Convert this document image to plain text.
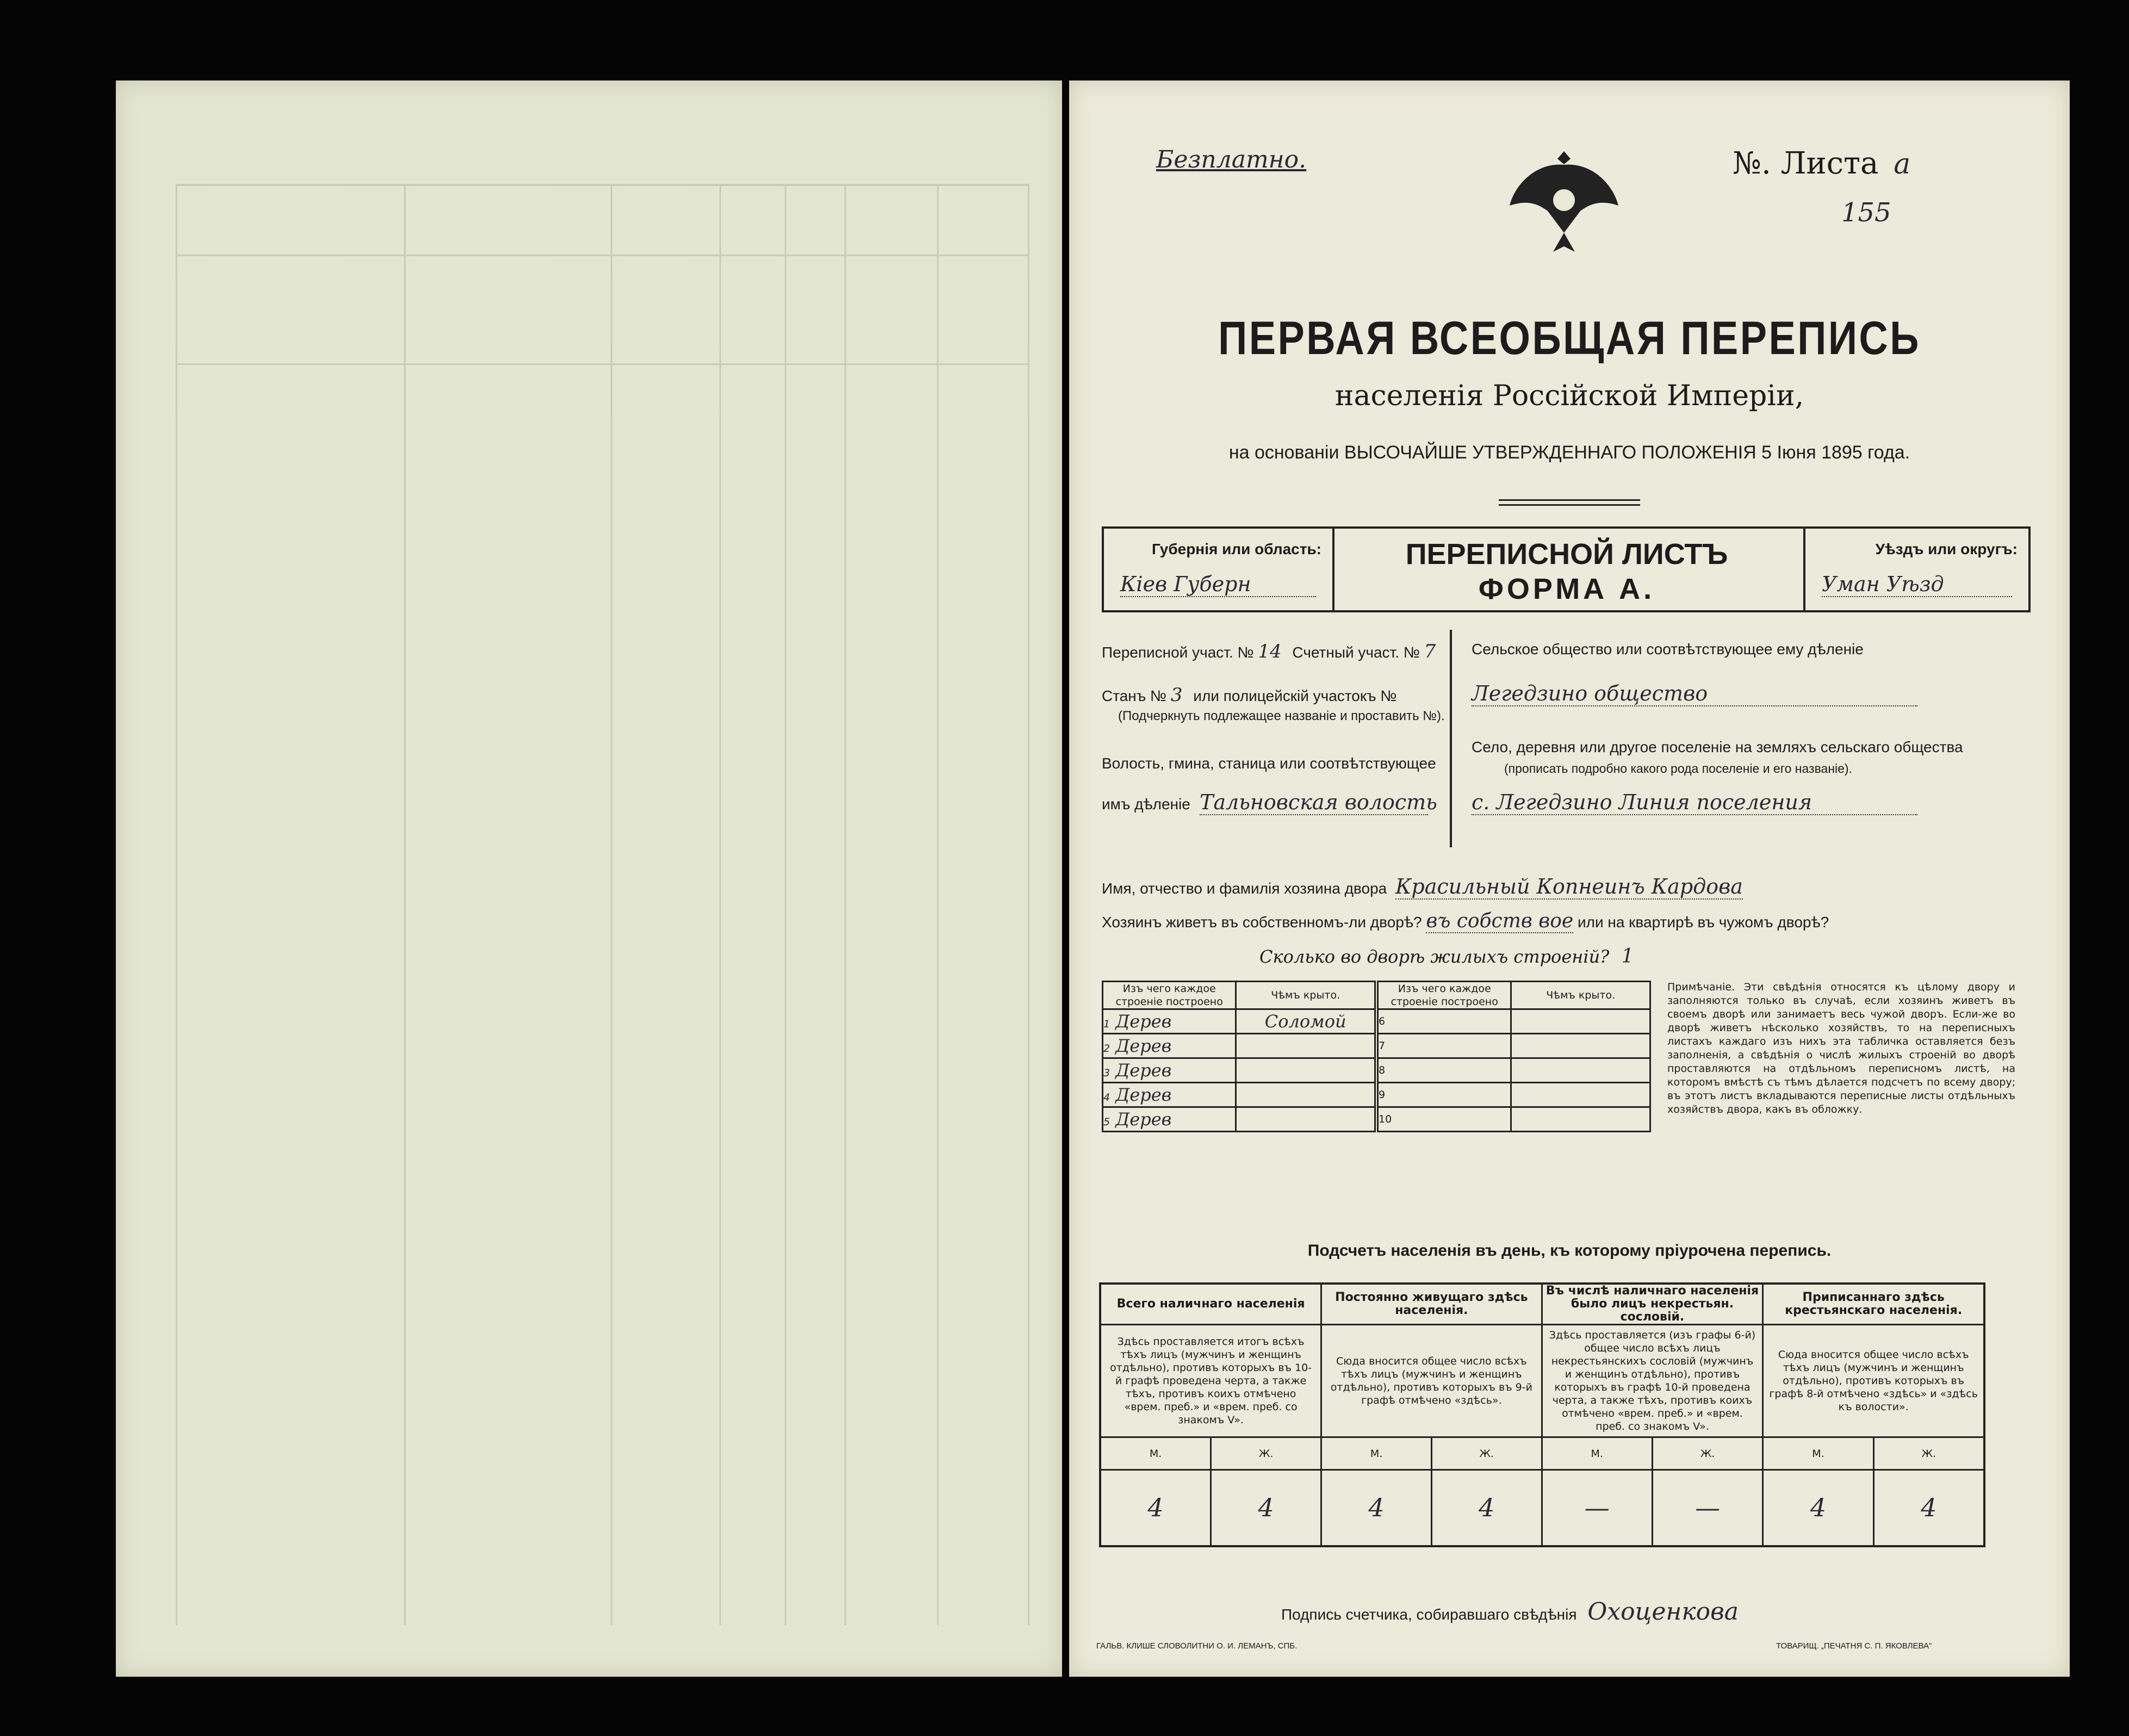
Безплатно.	№. Листа а
155
ПЕРВАЯ ВСЕОБЩАЯ ПЕРЕПИСЬ
населенія Россійской Имперіи,
на основаніи ВЫСОЧАЙШЕ УТВЕРЖДЕННАГО ПОЛОЖЕНІЯ 5 Іюня 1895 года.
Губернія или область:
Кiев Губерн
ПЕРЕПИСНОЙ ЛИСТЪ
ФОРМА А.
Уѣздъ или округъ:
Уман Уѣзд
Переписной участ. № 14 Счетный участ. № 7
Станъ № 3 или полицейскій участокъ №
(Подчеркнуть подлежащее названіе и проставить №).
Волость, гмина, станица или соотвѣтствующее
имъ дѣленіе Тальновская волость
Сельское общество или соотвѣтствующее ему дѣленіе
Легедзино общество
Село, деревня или другое поселеніе на земляхъ сельскаго общества
(прописать подробно какого рода поселеніе и его названіе).
с. Легедзино Линия поселения
Имя, отчество и фамилія хозяина двора Красильный Копнеинъ Кардова
Хозяинъ живетъ въ собственномъ-ли дворѣ? въ собств вое или на квартирѣ въ чужомъ дворѣ?
Сколько во дворѣ жилыхъ строеній? 1
Изъ чего каждое строеніе построено	Чѣмъ крыто.	Изъ чего каждое строеніе построено	Чѣмъ крыто.
1 Дерев	Соломой	6	
2 Дерев		7	
3 Дерев		8	
4 Дерев		9	
5 Дерев		10	
Примѣчаніе. Эти свѣдѣнія относятся къ цѣлому двору и заполняются только въ случаѣ, если хозяинъ живетъ въ своемъ дворѣ или занимаетъ весь чужой дворъ. Если-же во дворѣ живетъ нѣсколько хозяйствъ, то на переписныхъ листахъ каждаго изъ нихъ эта табличка оставляется безъ заполненія, а свѣдѣнія о числѣ жилыхъ строеній во дворѣ проставляются на отдѣльномъ переписномъ листѣ, на которомъ вмѣстѣ съ тѣмъ дѣлается подсчетъ по всему двору; въ этотъ листъ вкладываются переписные листы отдѣльныхъ хозяйствъ двора, какъ въ обложку.
Подсчетъ населенія въ день, къ которому пріурочена перепись.
Всего наличнаго населенія		Постоянно живущаго здѣсь населенія.		Въ числѣ наличнаго населенія было лицъ некрестьян. сословій.		Приписаннаго здѣсь крестьянскаго населенія.	
Здѣсь проставляется итогъ всѣхъ тѣхъ лицъ (мужчинъ и женщинъ отдѣльно), противъ которыхъ въ 10-й графѣ проведена черта, а также тѣхъ, противъ коихъ отмѣчено «врем. преб.» и «врем. преб. со знакомъ V».		Сюда вносится общее число всѣхъ тѣхъ лицъ (мужчинъ и женщинъ отдѣльно), противъ которыхъ въ 9-й графѣ отмѣчено «здѣсь».		Здѣсь проставляется (изъ графы 6-й) общее число всѣхъ лицъ некрестьянскихъ сословій (мужчинъ и женщинъ отдѣльно), противъ которыхъ въ графѣ 10-й проведена черта, а также тѣхъ, противъ коихъ отмѣчено «врем. преб.» и «врем. преб. со знакомъ V».		Сюда вносится общее число всѣхъ тѣхъ лицъ (мужчинъ и женщинъ отдѣльно), противъ которыхъ въ графѣ 8-й отмѣчено «здѣсь» и «здѣсь къ волости».	
М.	Ж.	М.	Ж.	М.	Ж.	М.	Ж.
4	4	4	4	—	—	4	4
Подпись счетчика, собиравшаго свѣдѣнія Охоценкова
ГАЛЬВ. КЛИШЕ СЛОВОЛИТНИ О. И. ЛЕМАНЪ, СПБ.	ТОВАРИЩ. „ПЕЧАТНЯ С. П. ЯКОВЛЕВА"
